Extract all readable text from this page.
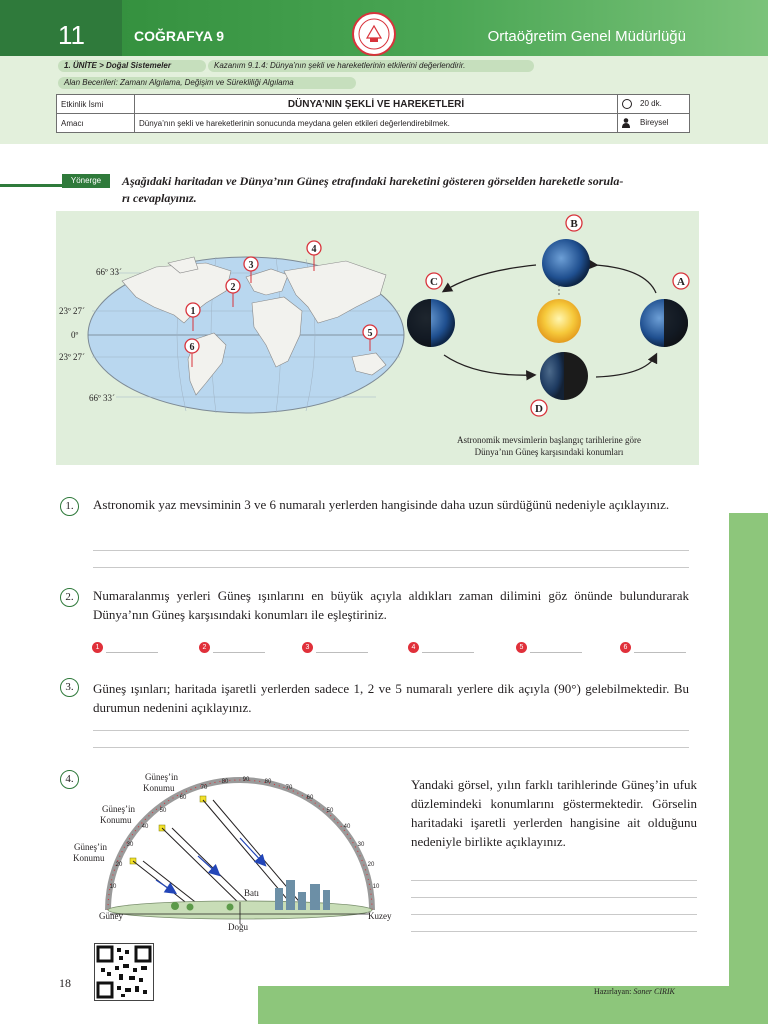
11	COĞRAFYA 9	Ortaöğretim Genel Müdürlüğü
1. ÜNİTE > Doğal Sistemeler	Kazanım 9.1.4: Dünya’nın şekli ve hareketlerinin etkilerini değerlendirir.
Alan Becerileri: Zamanı Algılama, Değişim ve Sürekliliği Algılama
Etkinlik İsmi	DÜNYA’NIN ŞEKLİ VE HAREKETLERİ	20 dk.
Amacı	Dünya’nın şekli ve hareketlerinin sonucunda meydana gelen etkileri değerlendirebilmek.	Bireysel
Yönerge	Aşağıdaki haritadan ve Dünya’nın Güneş etrafındaki hareketini gösteren görselden hareketle sorula-
rı cevaplayınız.
66º 33´
23º 27´
0º
23º 27´
66º 33´
1
2
3
4
5
6
B
C	A
D
Astronomik mevsimlerin başlangıç tarihlerine göre
Dünya’nın Güneş karşısındaki konumları
1.	Astronomik yaz mevsiminin 3 ve 6 numaralı yerlerden hangisinde daha uzun sürdüğünü nedeniyle açıklayınız.
2.	Numaralanmış yerleri Güneş ışınlarını en büyük açıyla aldıkları zaman dilimini göz önünde bulundurarak Dünya’nın Güneş karşısındaki konumları ile eşleştiriniz.
1	2	3	4	5	6
3.	Güneş ışınları; haritada işaretli yerlerden sadece 1, 2 ve 5 numaralı yerlere dik açıyla (90°) gelebilmektedir. Bu durumun nedenini açıklayınız.
4.	Yandaki görsel, yılın farklı tarihlerinde Güneş’in ufuk düzlemindeki konumlarını göstermektedir. Görselin haritadaki işaretli yerlerden hangisine ait olduğunu nedeniyle birlikte açıklayınız.
10
20
30
40
50
60
70
80 90	80
70
60
50
40
30
20
10
Güneş’in
Konumu
Güneş’in
Konumu
Güneş’in
Konumu
Batı
Güney	Kuzey
Doğu
18
Hazırlayan: Soner CIRIK
